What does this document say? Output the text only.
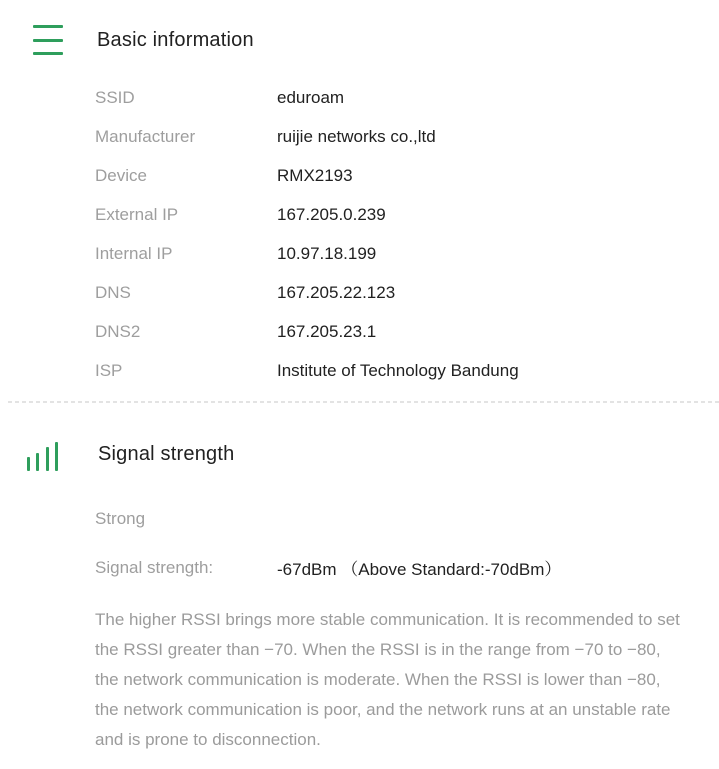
Basic information
SSID	eduroam
Manufacturer	ruijie networks co.,ltd
Device	RMX2193
External IP	167.205.0.239
Internal IP	10.97.18.199
DNS	167.205.22.123
DNS2	167.205.23.1
ISP	Institute of Technology Bandung
Signal strength
Strong
Signal strength:	-67dBm （Above Standard:-70dBm）

The higher RSSI brings more stable communication. It is recommended to set the RSSI greater than −70. When the RSSI is in the range from −70 to −80, the network communication is moderate. When the RSSI is lower than −80, the network communication is poor, and the network runs at an unstable rate and is prone to disconnection.
